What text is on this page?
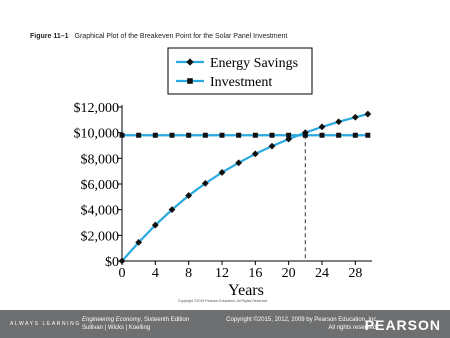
Figure 11–1 Graphical Plot of the Breakeven Point for the Solar Panel Investment
$0
$2,000
$4,000
$6,000
$8,000
$10,000
$12,000
0 4 8 12 16 20 24 28
Years
Energy Savings
Investment
Copyright ©2015 Pearson Education, All Rights Reserved
ALWAYS LEARNING
Engineering Economy, Sixteenth Edition
Sullivan | Wicks | Koelling
Copyright ©2015, 2012, 2009 by Pearson Education, Inc.
All rights reserved.
PEARSON
